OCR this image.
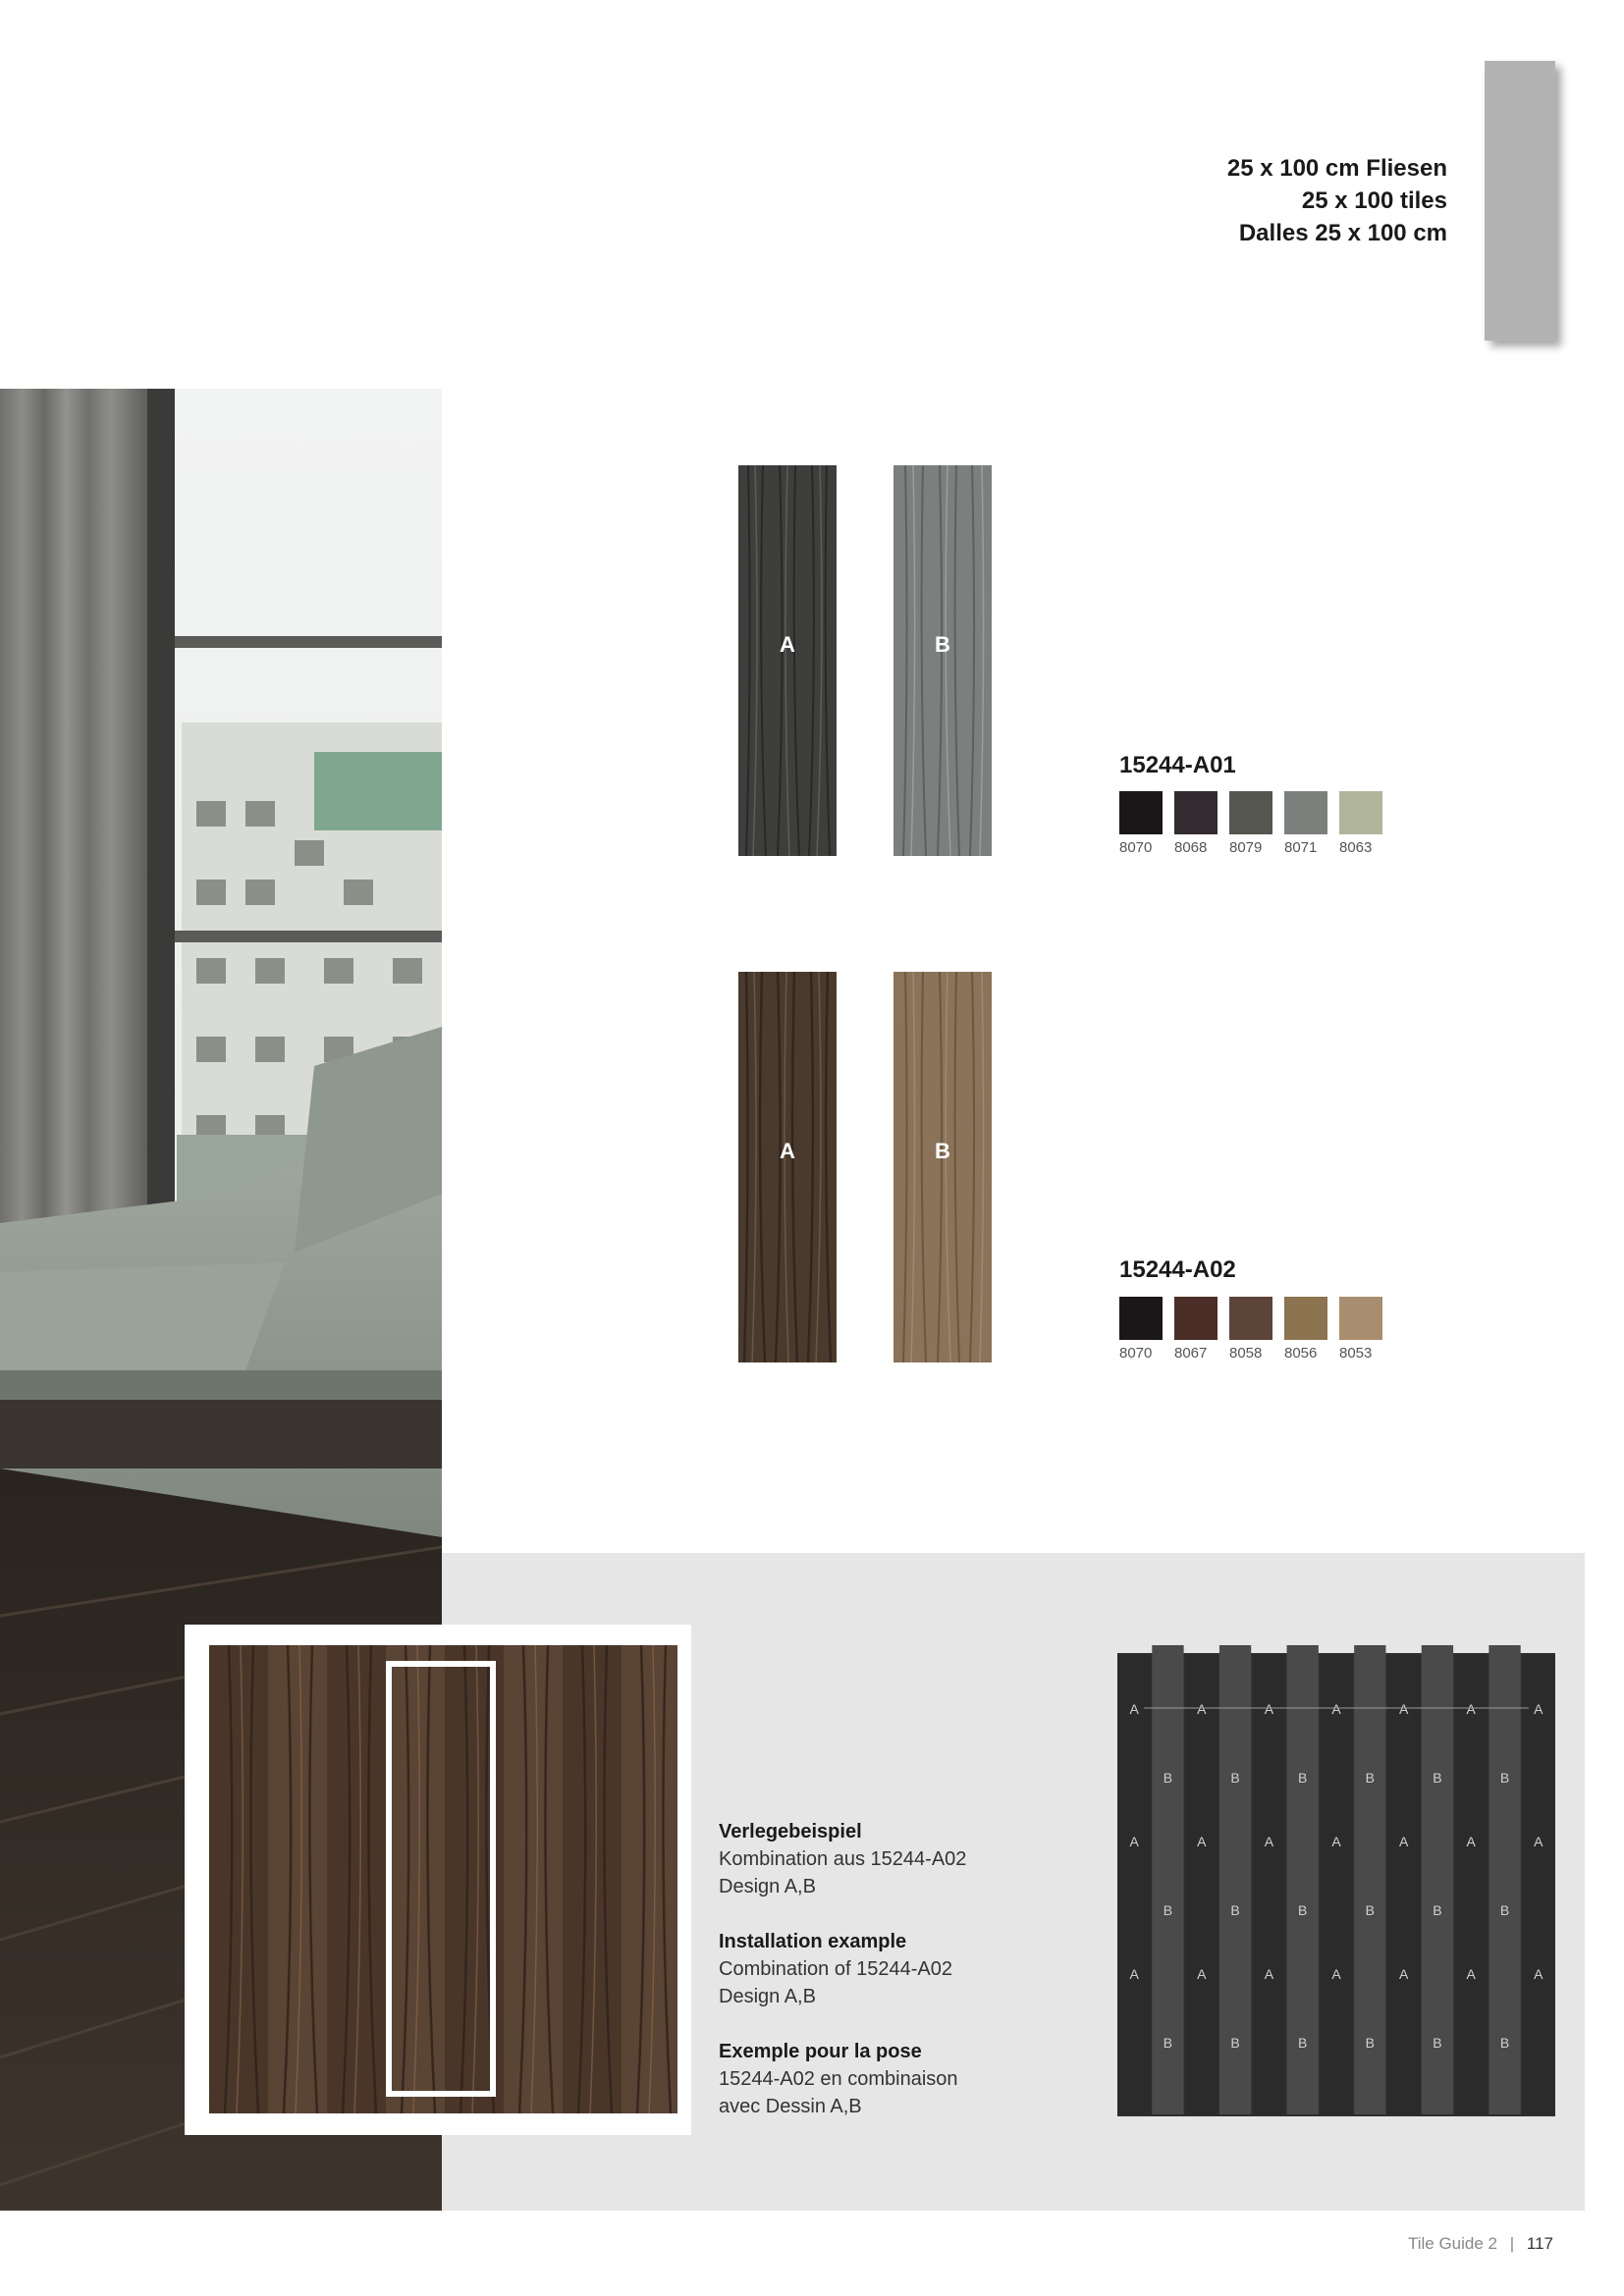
25 x 100 cm Fliesen
25 x 100 tiles
Dalles 25 x 100 cm
A	B
15244-A01
8070	8068	8079	8071	8063
A	B
15244-A02
8070	8067	8058	8056	8053
Verlegebeispiel
Kombination aus 15244-A02
Design A,B
Installation example
Combination of 15244-A02
Design A,B
Exemple pour la pose
15244-A02 en combinaison
avec Dessin A,B
A
A
A
B
B
B
A
A
A
B
B
B
A
A
A
B
B
B
A
A
A
B
B
B
A
A
A
B
B
B
A
A
A
B
B
B
A
A
A
Tile Guide 2 | 117
